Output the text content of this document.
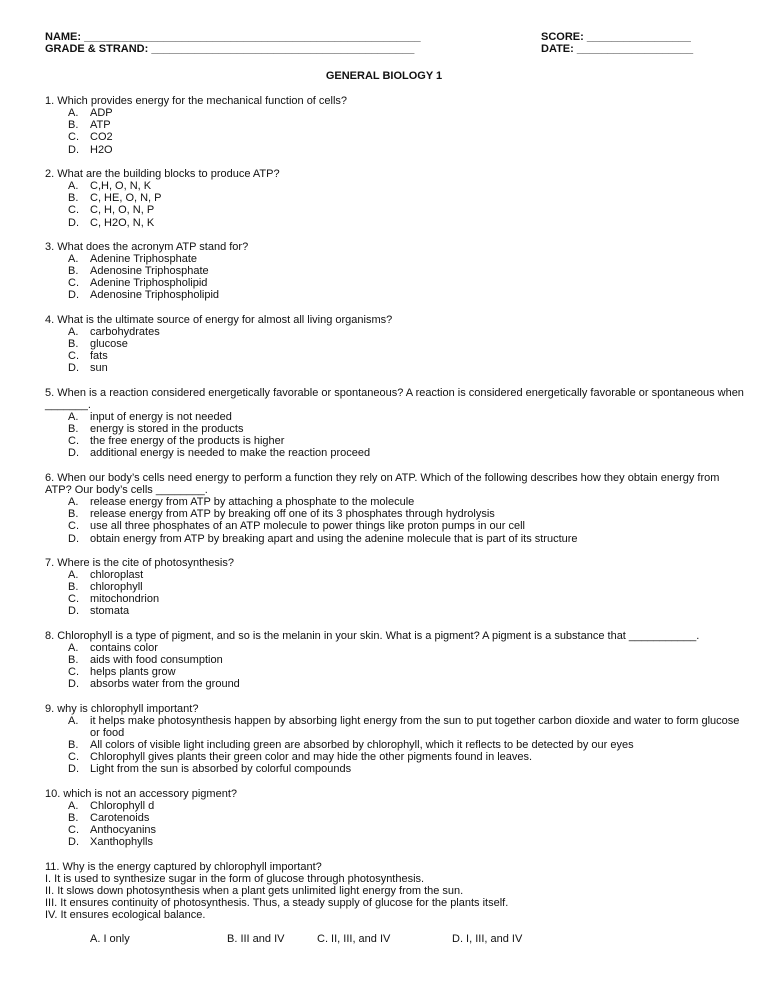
NAME: _______________________________________________________
GRADE & STRAND: ___________________________________________
SCORE: _________________
DATE: ___________________
GENERAL BIOLOGY 1
1. Which provides energy for the mechanical function of cells?
A.	ADP
B.	ATP
C.	CO2
D.	H2O
2. What are the building blocks to produce ATP?
A.	C,H, O, N, K
B.	C, HE, O, N, P
C.	C, H, O, N, P
D.	C, H2O, N, K
3. What does the acronym ATP stand for?
A.	Adenine Triphosphate
B.	Adenosine Triphosphate
C.	Adenine Triphospholipid
D.	Adenosine Triphospholipid
4. What is the ultimate source of energy for almost all living organisms?
A.	carbohydrates
B.	glucose
C.	fats
D.	sun
5. When is a reaction considered energetically favorable or spontaneous? A reaction is considered energetically favorable or spontaneous when _______.
A.	input of energy is not needed
B.	energy is stored in the products
C.	the free energy of the products is higher
D.	additional energy is needed to make the reaction proceed
6. When our body’s cells need energy to perform a function they rely on ATP. Which of the following describes how they obtain energy from ATP? Our body’s cells ________.
A.	release energy from ATP by attaching a phosphate to the molecule
B.	release energy from ATP by breaking off one of its 3 phosphates through hydrolysis
C.	use all three phosphates of an ATP molecule to power things like proton pumps in our cell
D.	obtain energy from ATP by breaking apart and using the adenine molecule that is part of its structure
7. Where is the cite of photosynthesis?
A.	chloroplast
B.	chlorophyll
C.	mitochondrion
D.	stomata
8. Chlorophyll is a type of pigment, and so is the melanin in your skin. What is a pigment? A pigment is a substance that ___________.
A.	contains color
B.	aids with food consumption
C.	helps plants grow
D.	absorbs water from the ground
9. why is chlorophyll important?
A.	it helps make photosynthesis happen by absorbing light energy from the sun to put together carbon dioxide and water to form glucose or food
B.	All colors of visible light including green are absorbed by chlorophyll, which it reflects to be detected by our eyes
C.	Chlorophyll gives plants their green color and may hide the other pigments found in leaves.
D.	Light from the sun is absorbed by colorful compounds
10. which is not an accessory pigment?
A.	Chlorophyll d
B.	Carotenoids
C.	Anthocyanins
D.	Xanthophylls
11. Why is the energy captured by chlorophyll important?
I. It is used to synthesize sugar in the form of glucose through photosynthesis.
II. It slows down photosynthesis when a plant gets unlimited light energy from the sun.
III. It ensures continuity of photosynthesis. Thus, a steady supply of glucose for the plants itself.
IV. It ensures ecological balance.
A. I only	B. III and IV	C. II, III, and IV	D. I, III, and IV
